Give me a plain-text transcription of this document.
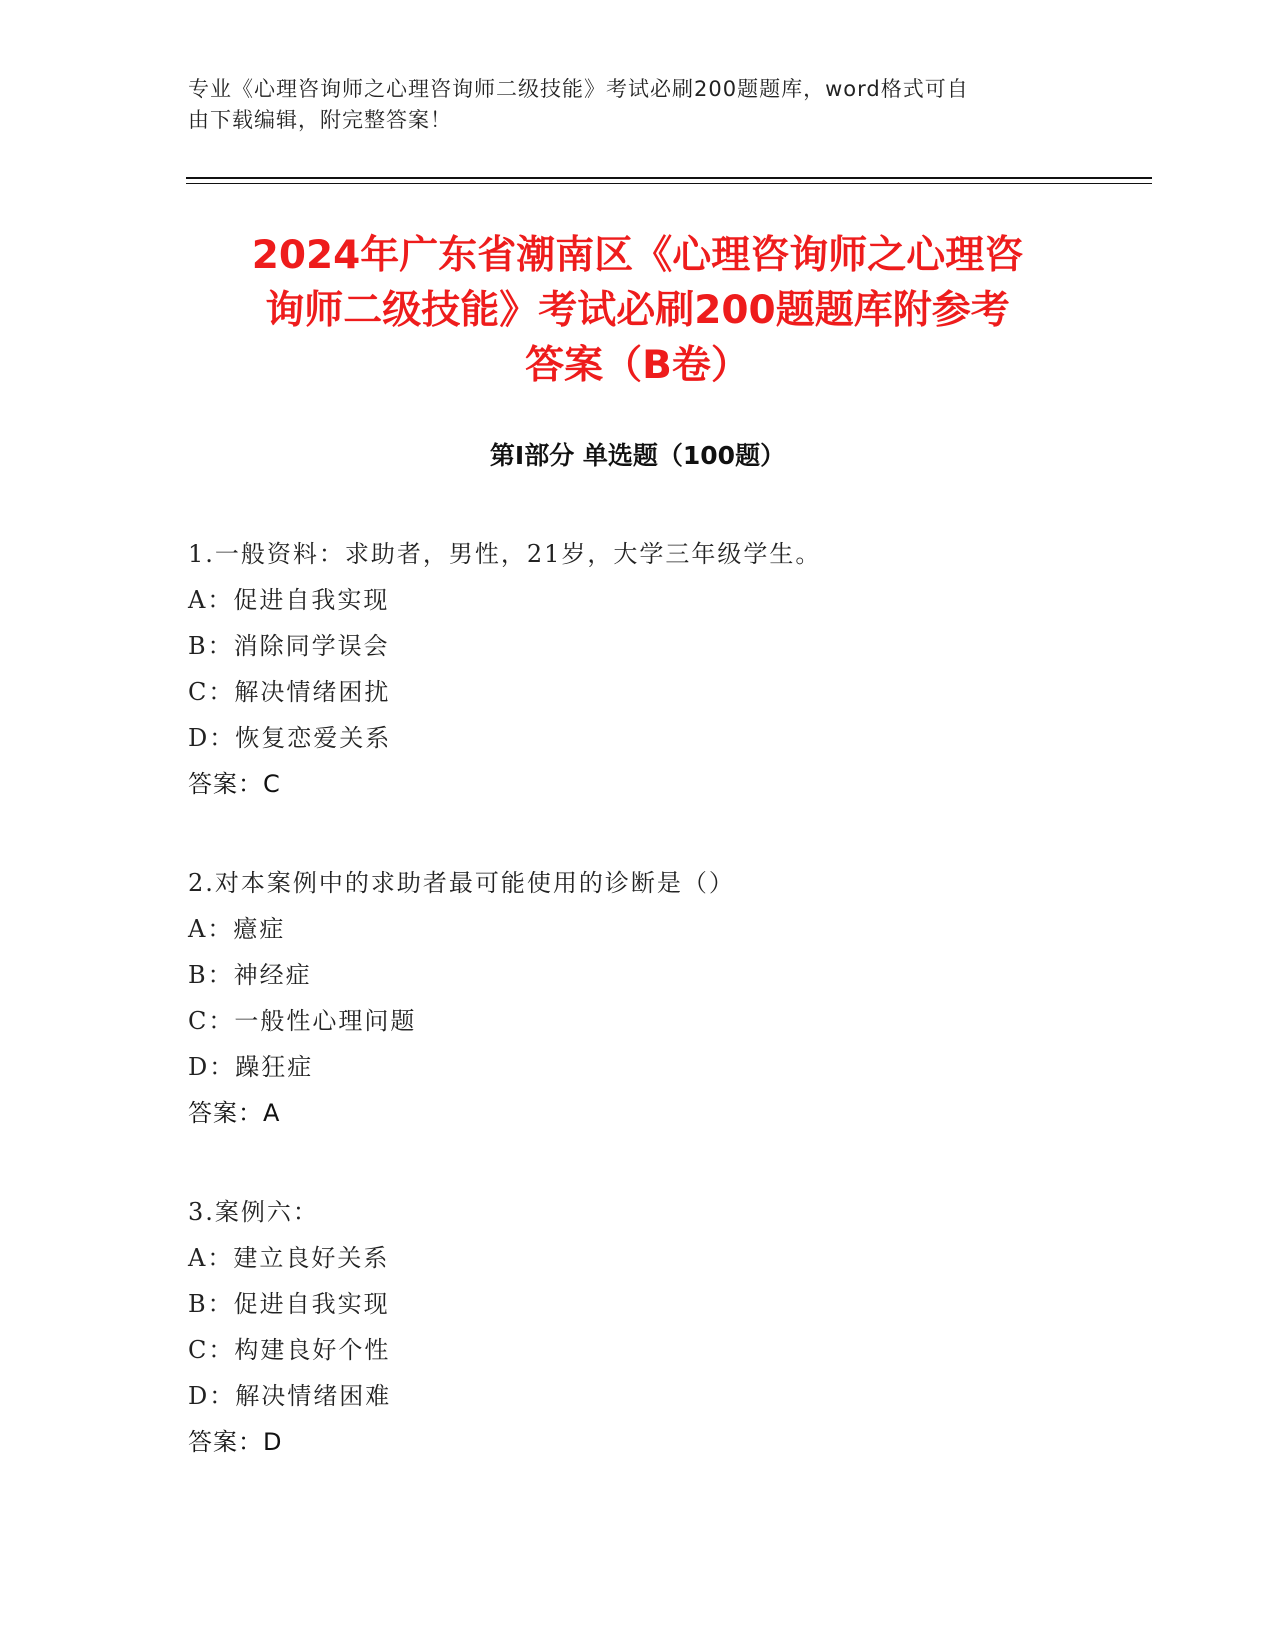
专业《心理咨询师之心理咨询师二级技能》考试必刷200题题库，word格式可自
由下载编辑，附完整答案！
2024年广东省潮南区《心理咨询师之心理咨
询师二级技能》考试必刷200题题库附参考
答案（B卷）
第Ⅰ部分 单选题（100题）
1.一般资料：求助者，男性，21岁，大学三年级学生。
A：促进自我实现
B：消除同学误会
C：解决情绪困扰
D：恢复恋爱关系
答案：C
2.对本案例中的求助者最可能使用的诊断是（）
A：癔症
B：神经症
C：一般性心理问题
D：躁狂症
答案：A
3.案例六：
A：建立良好关系
B：促进自我实现
C：构建良好个性
D：解决情绪困难
答案：D
